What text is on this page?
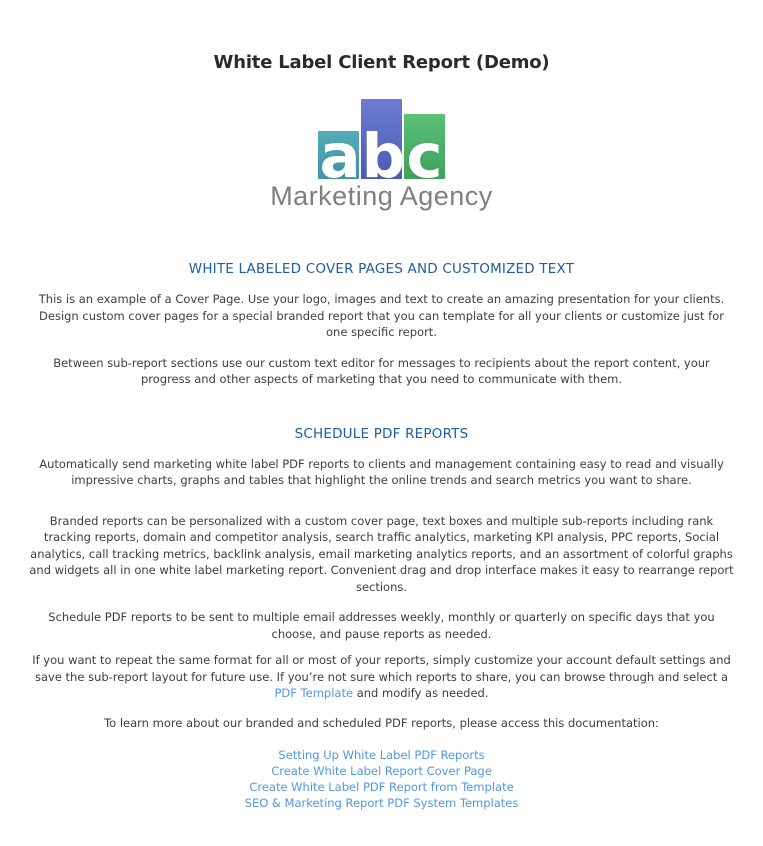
White Label Client Report (Demo)
abc
Marketing Agency
WHITE LABELED COVER PAGES AND CUSTOMIZED TEXT

This is an example of a Cover Page. Use your logo, images and text to create an amazing presentation for your clients. Design custom cover pages for a special branded report that you can template for all your clients or customize just for one specific report.

Between sub-report sections use our custom text editor for messages to recipients about the report content, your progress and other aspects of marketing that you need to communicate with them.

SCHEDULE PDF REPORTS

Automatically send marketing white label PDF reports to clients and management containing easy to read and visually impressive charts, graphs and tables that highlight the online trends and search metrics you want to share.

Branded reports can be personalized with a custom cover page, text boxes and multiple sub-reports including rank tracking reports, domain and competitor analysis, search traffic analytics, marketing KPI analysis, PPC reports, Social analytics, call tracking metrics, backlink analysis, email marketing analytics reports, and an assortment of colorful graphs and widgets all in one white label marketing report. Convenient drag and drop interface makes it easy to rearrange report sections.

Schedule PDF reports to be sent to multiple email addresses weekly, monthly or quarterly on specific days that you choose, and pause reports as needed.

If you want to repeat the same format for all or most of your reports, simply customize your account default settings and save the sub-report layout for future use. If you’re not sure which reports to share, you can browse through and select a PDF Template and modify as needed.

To learn more about our branded and scheduled PDF reports, please access this documentation:

Setting Up White Label PDF Reports
Create White Label Report Cover Page
Create White Label PDF Report from Template
SEO & Marketing Report PDF System Templates
